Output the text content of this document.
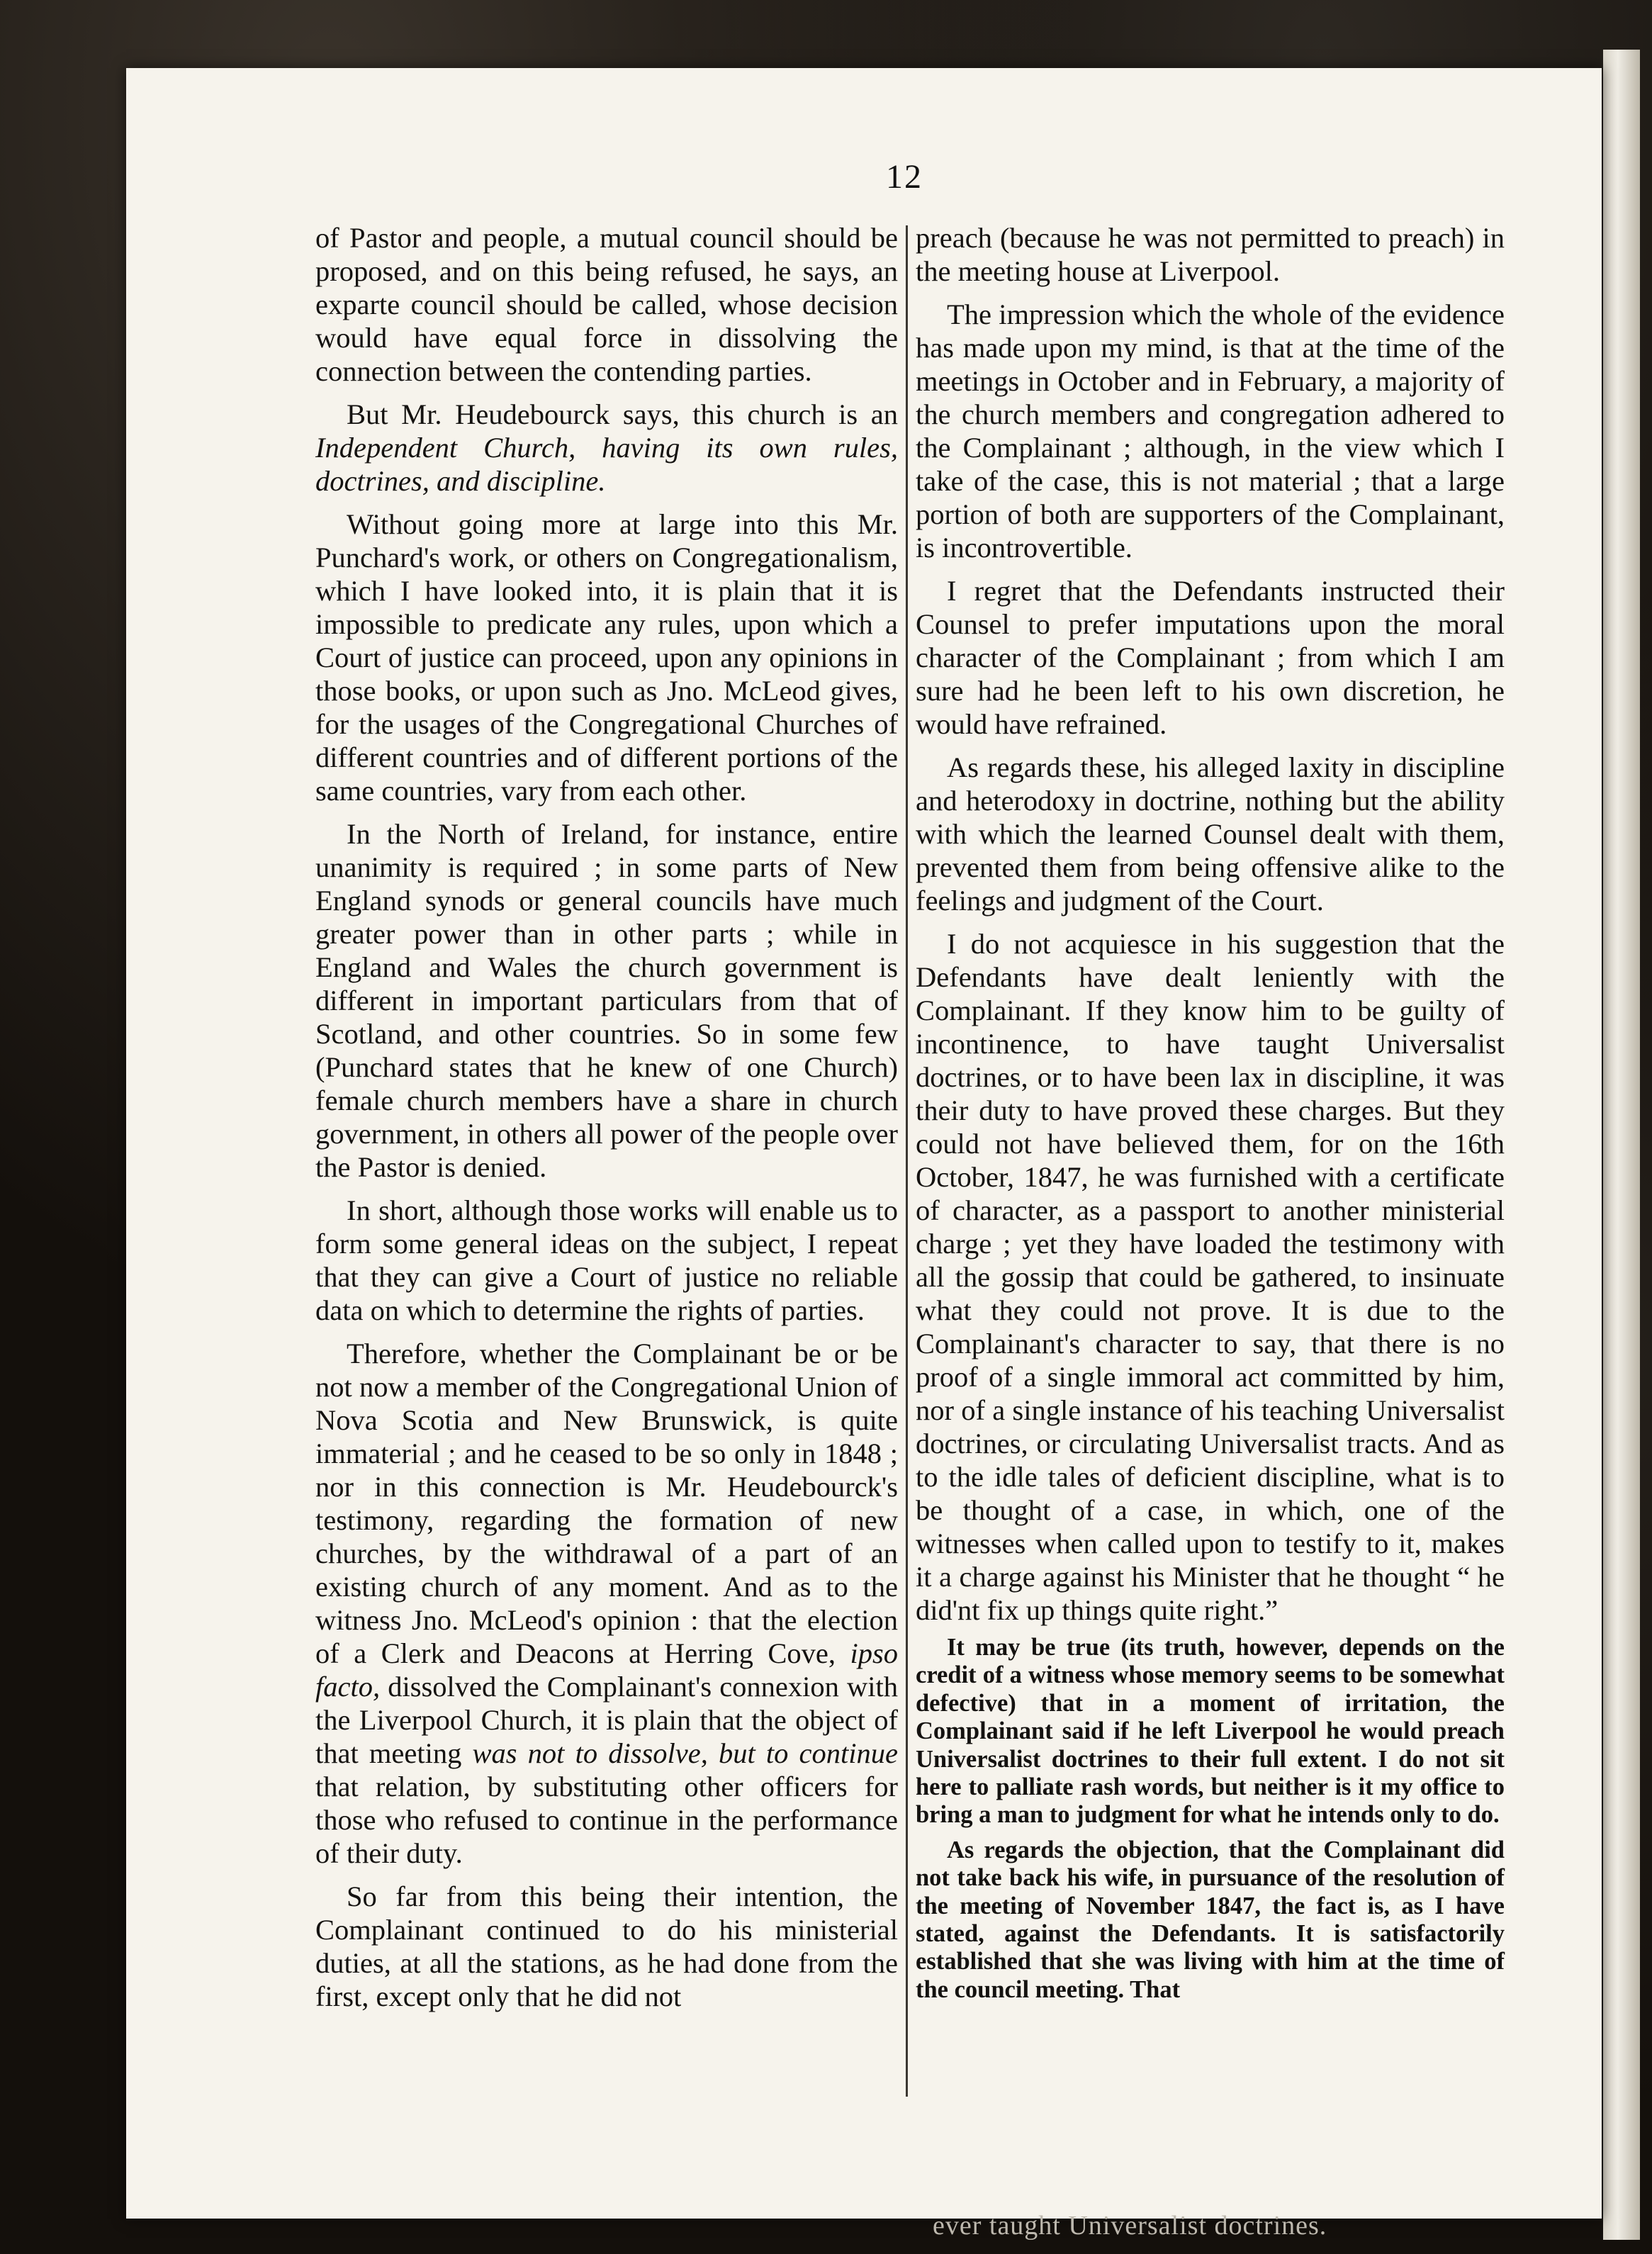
12

of Pastor and people, a mutual council should be proposed, and on this being refused, he says, an exparte council should be called, whose decision would have equal force in dissolving the connection between the contending parties.

But Mr. Heudebourck says, this church is an Independent Church, having its own rules, doctrines, and discipline.

Without going more at large into this Mr. Punchard's work, or others on Congregationalism, which I have looked into, it is plain that it is impossible to predicate any rules, upon which a Court of justice can proceed, upon any opinions in those books, or upon such as Jno. McLeod gives, for the usages of the Congregational Churches of different countries and of different portions of the same countries, vary from each other.

In the North of Ireland, for instance, entire unanimity is required ; in some parts of New England synods or general councils have much greater power than in other parts ; while in England and Wales the church government is different in important particulars from that of Scotland, and other countries. So in some few (Punchard states that he knew of one Church) female church members have a share in church government, in others all power of the people over the Pastor is denied.

In short, although those works will enable us to form some general ideas on the subject, I repeat that they can give a Court of justice no reliable data on which to determine the rights of parties.

Therefore, whether the Complainant be or be not now a member of the Congregational Union of Nova Scotia and New Brunswick, is quite immaterial ; and he ceased to be so only in 1848 ; nor in this connection is Mr. Heudebourck's testimony, regarding the formation of new churches, by the withdrawal of a part of an existing church of any moment. And as to the witness Jno. McLeod's opinion : that the election of a Clerk and Deacons at Herring Cove, ipso facto, dissolved the Complainant's connexion with the Liverpool Church, it is plain that the object of that meeting was not to dissolve, but to continue that relation, by substituting other officers for those who refused to continue in the performance of their duty.

So far from this being their intention, the Complainant continued to do his ministerial duties, at all the stations, as he had done from the first, except only that he did not

preach (because he was not permitted to preach) in the meeting house at Liverpool.

The impression which the whole of the evidence has made upon my mind, is that at the time of the meetings in October and in February, a majority of the church members and congregation adhered to the Complainant ; although, in the view which I take of the case, this is not material ; that a large portion of both are supporters of the Complainant, is incontrovertible.

I regret that the Defendants instructed their Counsel to prefer imputations upon the moral character of the Complainant ; from which I am sure had he been left to his own discretion, he would have refrained.

As regards these, his alleged laxity in discipline and heterodoxy in doctrine, nothing but the ability with which the learned Counsel dealt with them, prevented them from being offensive alike to the feelings and judgment of the Court.

I do not acquiesce in his suggestion that the Defendants have dealt leniently with the Complainant. If they know him to be guilty of incontinence, to have taught Universalist doctrines, or to have been lax in discipline, it was their duty to have proved these charges. But they could not have believed them, for on the 16th October, 1847, he was furnished with a certificate of character, as a passport to another ministerial charge ; yet they have loaded the testimony with all the gossip that could be gathered, to insinuate what they could not prove. It is due to the Complainant's character to say, that there is no proof of a single immoral act committed by him, nor of a single instance of his teaching Universalist doctrines, or circulating Universalist tracts. And as to the idle tales of deficient discipline, what is to be thought of a case, in which, one of the witnesses when called upon to testify to it, makes it a charge against his Minister that he thought “ he did'nt fix up things quite right.”

It may be true (its truth, however, depends on the credit of a witness whose memory seems to be somewhat defective) that in a moment of irritation, the Complainant said if he left Liverpool he would preach Universalist doctrines to their full extent. I do not sit here to palliate rash words, but neither is it my office to bring a man to judgment for what he intends only to do.

As regards the objection, that the Complainant did not take back his wife, in pursuance of the resolution of the meeting of November 1847, the fact is, as I have stated, against the Defendants. It is satisfactorily established that she was living with him at the time of the council meeting. That

ever taught Universalist doctrines.
